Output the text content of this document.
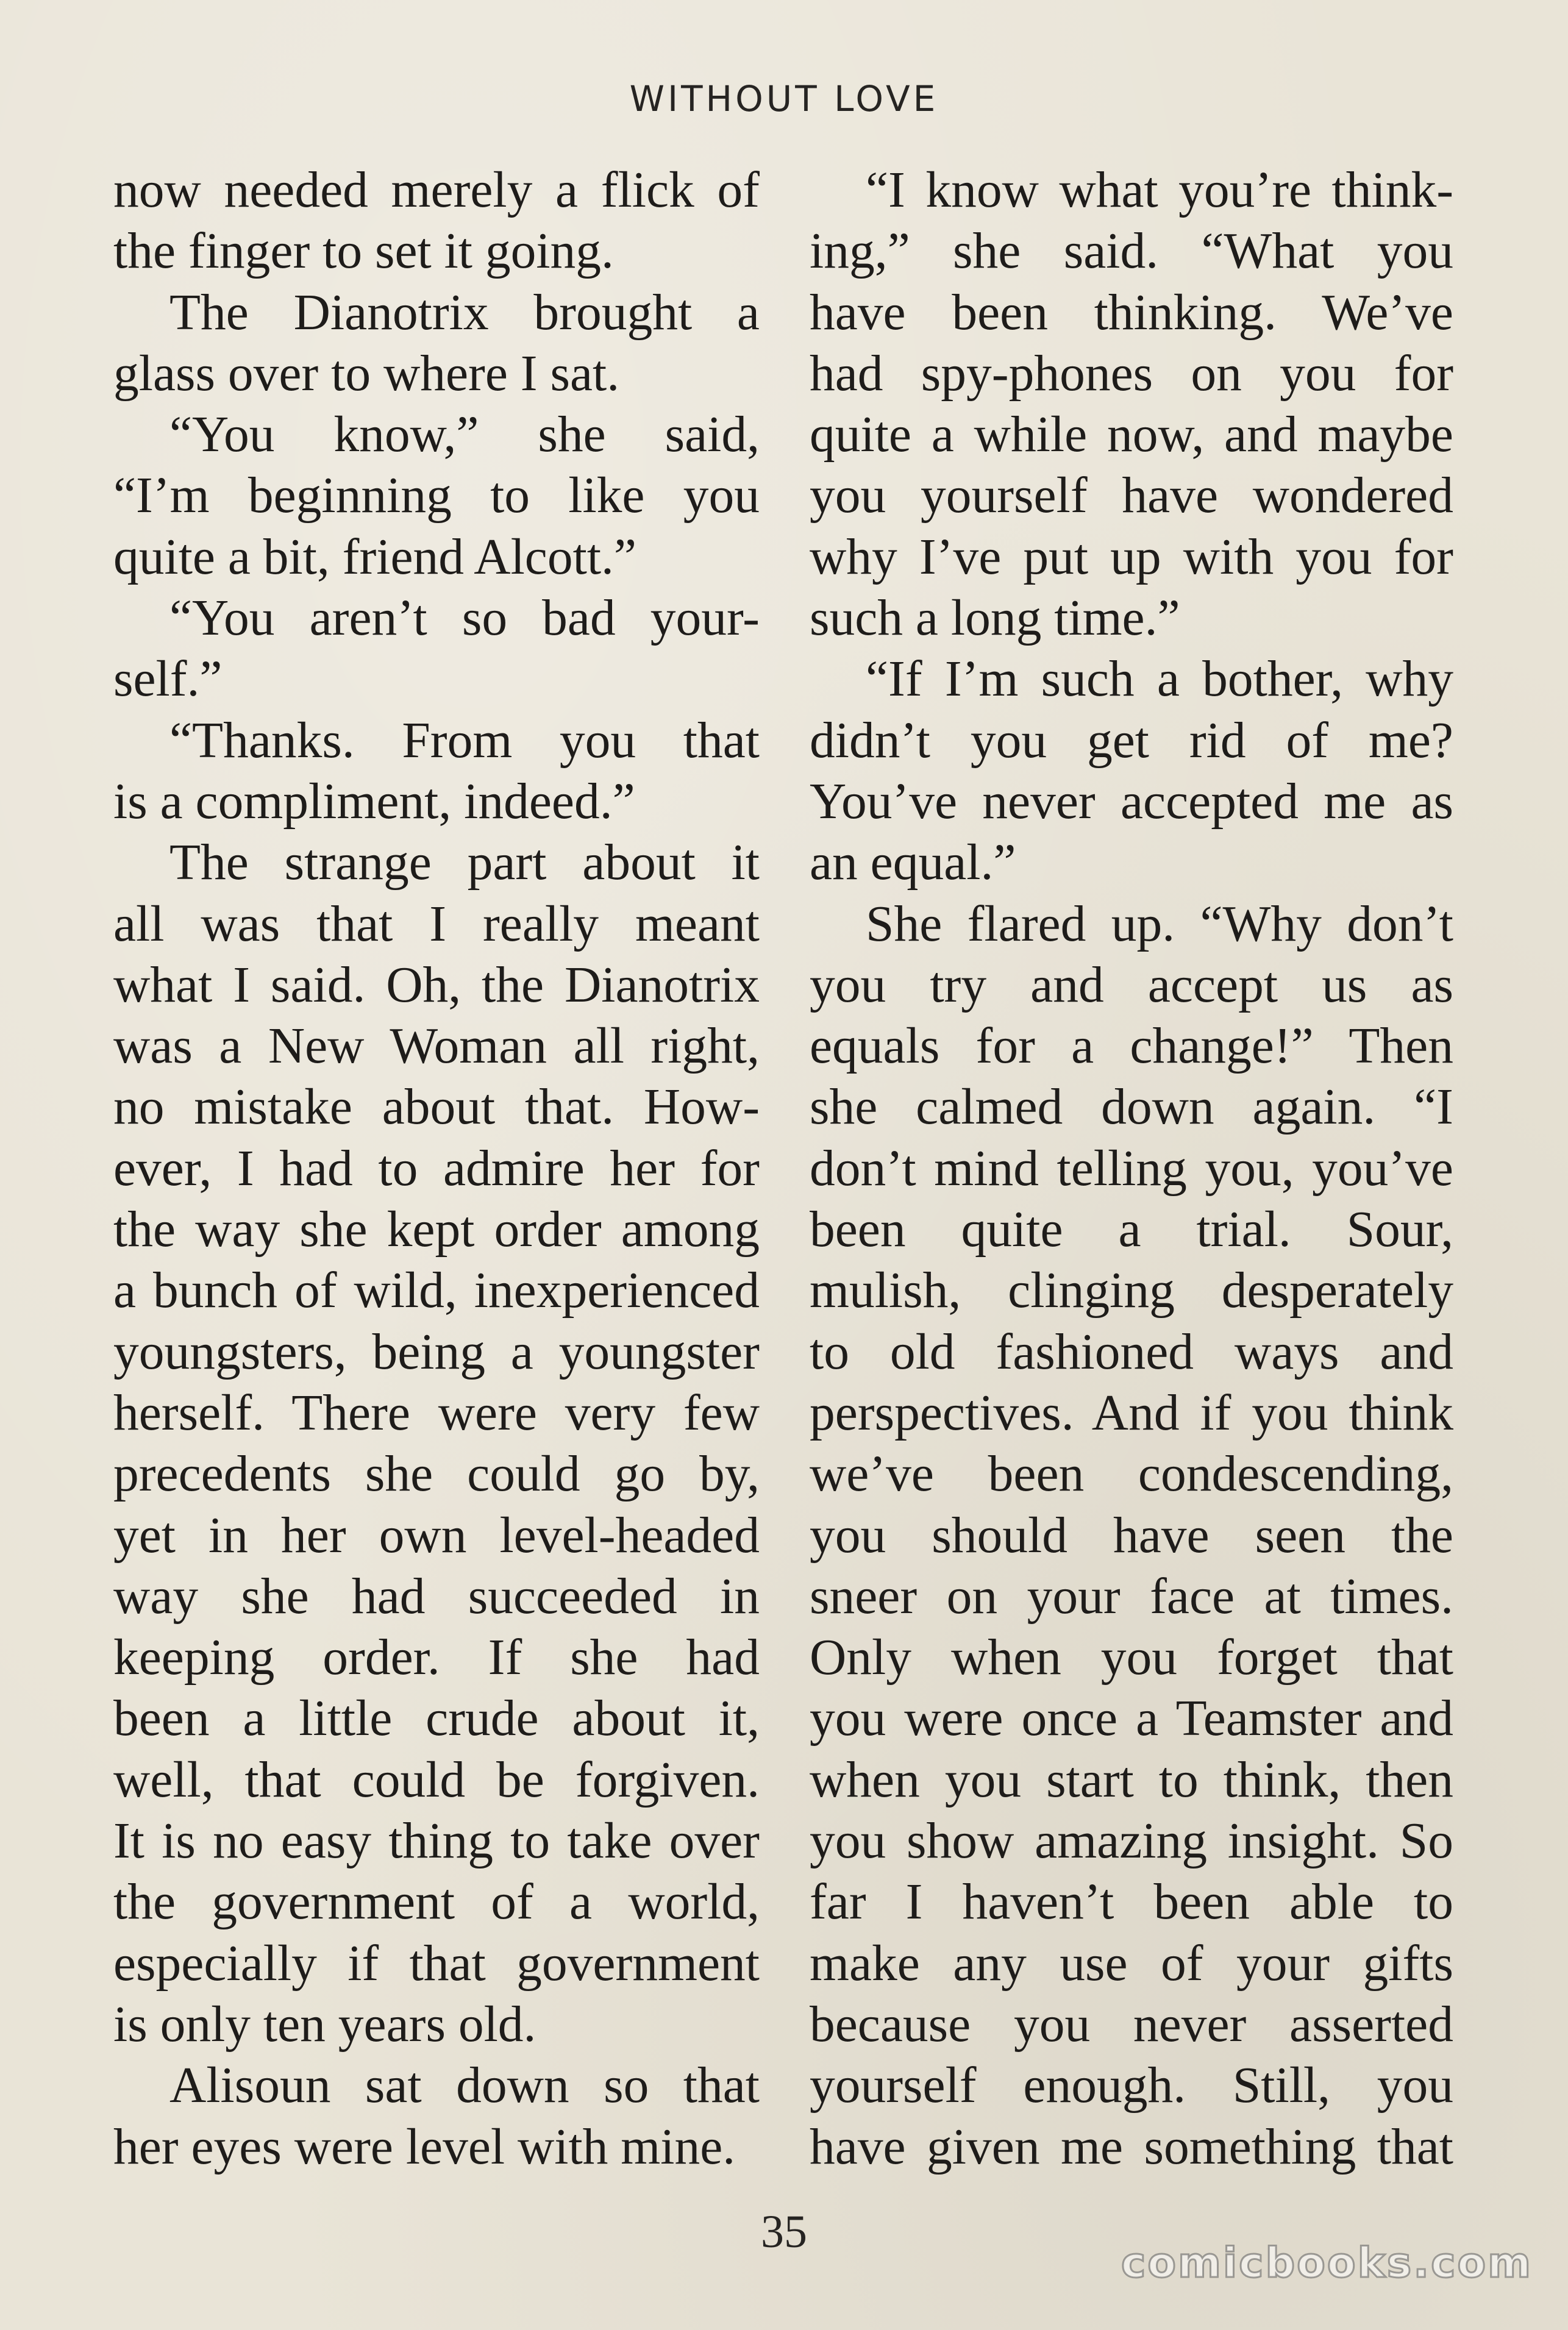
WITHOUT LOVE
now needed merely a flick of
the finger to set it going.
The Dianotrix brought a
glass over to where I sat.
“You know,” she said,
“I’m beginning to like you
quite a bit, friend Alcott.”
“You aren’t so bad your-
self.”
“Thanks. From you that
is a compliment, indeed.”
The strange part about it
all was that I really meant
what I said. Oh, the Dianotrix
was a New Woman all right,
no mistake about that. How-
ever, I had to admire her for
the way she kept order among
a bunch of wild, inexperienced
youngsters, being a youngster
herself. There were very few
precedents she could go by,
yet in her own level-headed
way she had succeeded in
keeping order. If she had
been a little crude about it,
well, that could be forgiven.
It is no easy thing to take over
the government of a world,
especially if that government
is only ten years old.
Alisoun sat down so that
her eyes were level with mine.
“I know what you’re think-
ing,” she said. “What you
have been thinking. We’ve
had spy-phones on you for
quite a while now, and maybe
you yourself have wondered
why I’ve put up with you for
such a long time.”
“If I’m such a bother, why
didn’t you get rid of me?
You’ve never accepted me as
an equal.”
She flared up. “Why don’t
you try and accept us as
equals for a change!” Then
she calmed down again. “I
don’t mind telling you, you’ve
been quite a trial. Sour,
mulish, clinging desperately
to old fashioned ways and
perspectives. And if you think
we’ve been condescending,
you should have seen the
sneer on your face at times.
Only when you forget that
you were once a Teamster and
when you start to think, then
you show amazing insight. So
far I haven’t been able to
make any use of your gifts
because you never asserted
yourself enough. Still, you
have given me something that
35
comicbooks.com
